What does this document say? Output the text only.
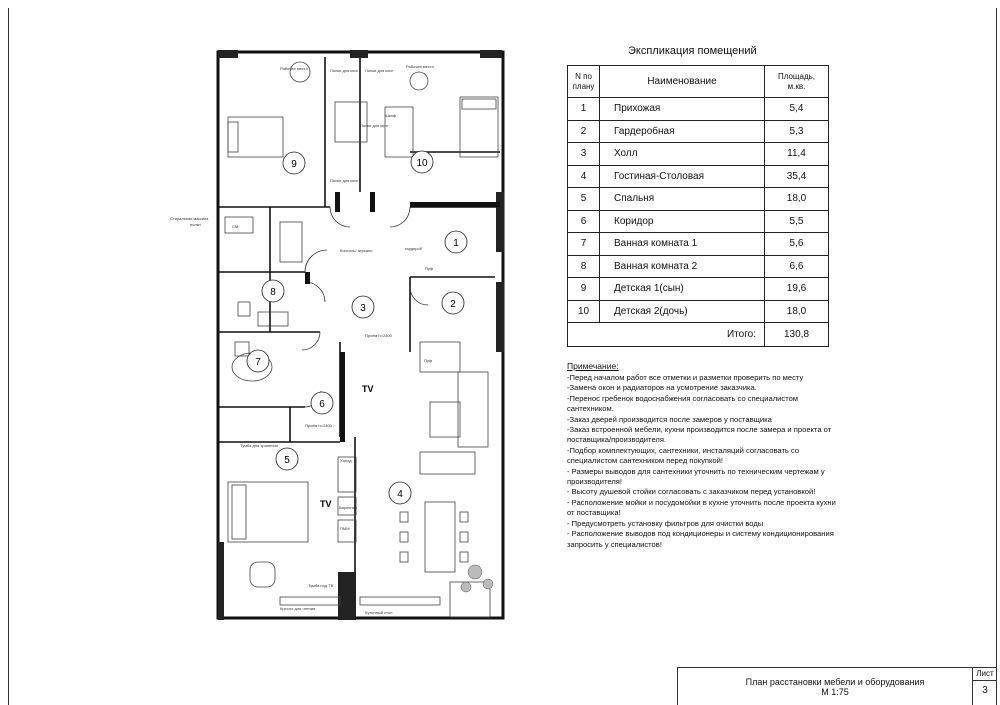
1
2
3
4
5
6
7
8
9	10
TV
TV
Рабочее место	Рабочее место
Полки для книг Полки для книг
Полки для книг
Полки для книг
Шкаф
Стиральная машина
полки	СМ
Консоль/ зеркало	гардероб
Пуф
Проём h=2400
Пуф
Проём h=2400
Тумба для хранения
Холод
Варочная
ПММ
Кресло для чтения
Тумба под ТВ
Кухонный стол
Экспликация помещений
N по
плану	Наименование	Площадь,
м.кв.
1	Прихожая	5,4
2	Гардеробная	5,3
3	Холл	11,4
4	Гостиная-Столовая	35,4
5	Спальня	18,0
6	Коридор	5,5
7	Ванная комната 1	5,6
8	Ванная комната 2	6,6
9	Детская 1(сын)	19,6
10	Детская 2(дочь)	18,0
Итого:		130,8
Примечание:
-Перед началом работ все отметки и разметки проверить по месту
-Замена окон и радиаторов на усмотрение заказчика.
-Перенос гребенок водоснабжения согласовать со специалистом сантехником.
-Заказ дверей производится после замеров у поставщика
-Заказ встроенной мебели, кухни производится после замера и проекта от поставщика/производителя.
-Подбор комплектующих, сантехники, инсталяций согласовать со специалистом сантехником перед покупкой!
- Размеры выводов для сантехники уточнить по техническим чертежам у производителя!
- Высоту душевой стойки согласовать с заказчиком перед установкой!
- Расположение мойки и посудомойки в кухне уточнить после проекта кухни от поставщика!
- Предусмотреть установку фильтров для очистки воды
- Расположение выводов под кондиционеры и систему кондиционирования запросить у специалистов!
План расстановки мебели и оборудования
М 1:75
Лист
3
